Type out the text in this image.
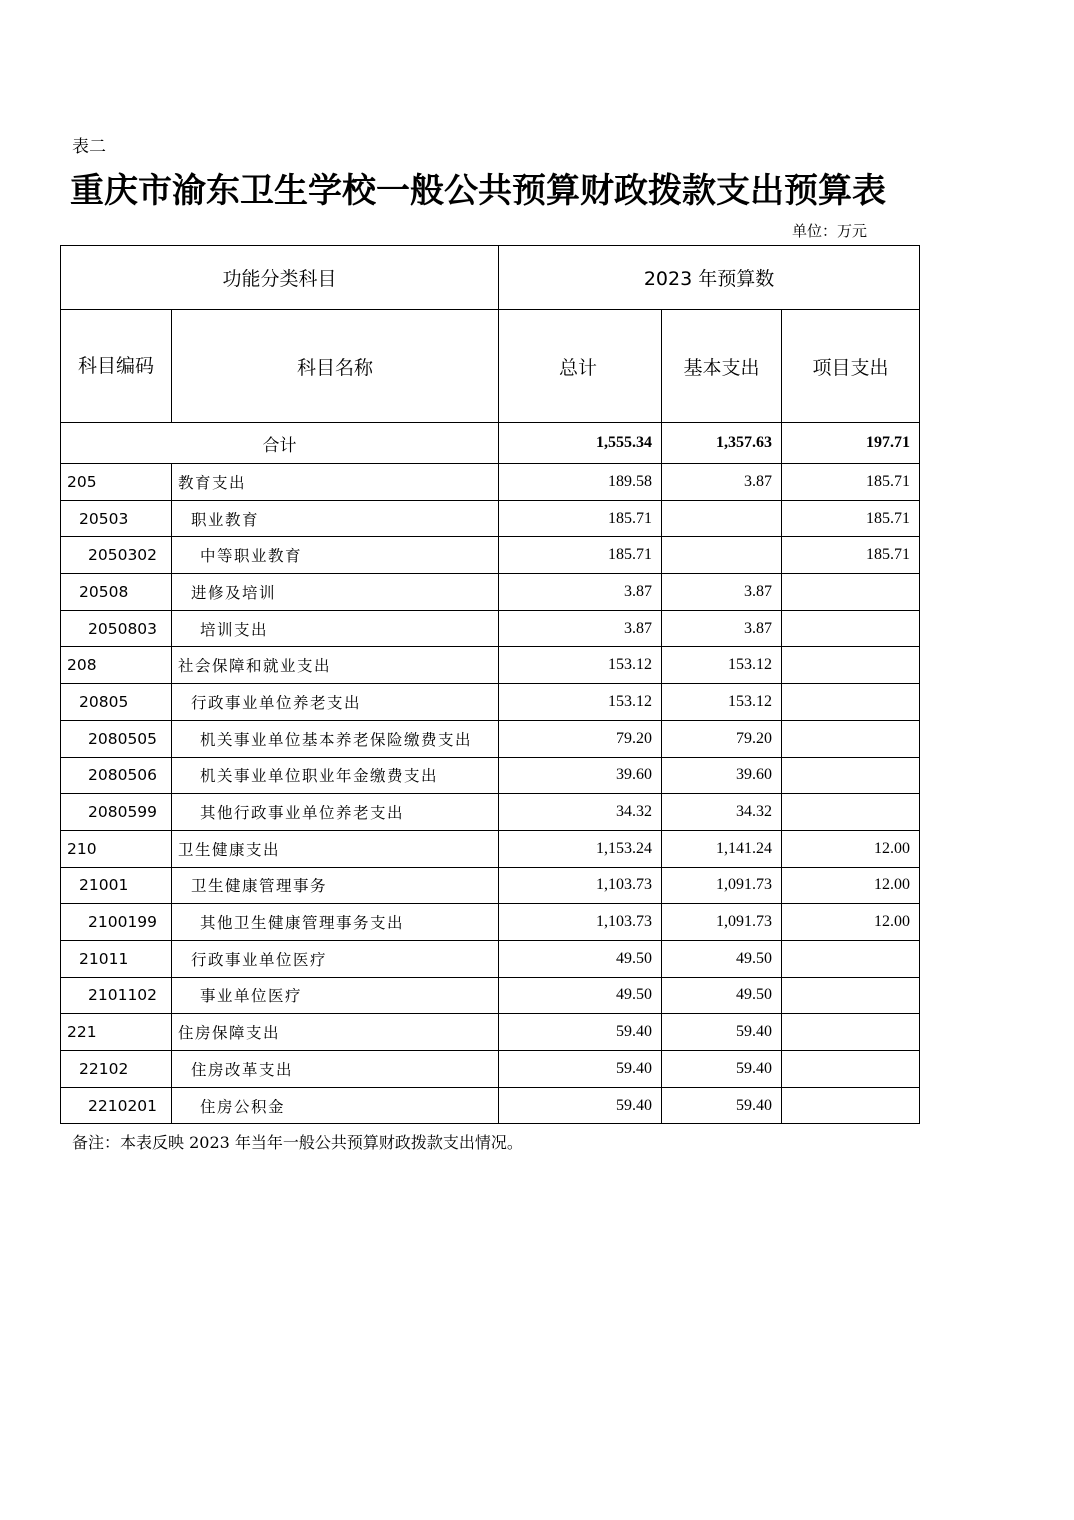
表二
重庆市渝东卫生学校一般公共预算财政拨款支出预算表
单位：万元
功能分类科目		2023 年预算数		
科目编码	科目名称	总计	基本支出	项目支出
合计		1,555.34	1,357.63	197.71
205	教育支出	189.58	3.87	185.71
20503	职业教育	185.71		185.71
2050302	中等职业教育	185.71		185.71
20508	进修及培训	3.87	3.87	
2050803	培训支出	3.87	3.87	
208	社会保障和就业支出	153.12	153.12	
20805	行政事业单位养老支出	153.12	153.12	
2080505	机关事业单位基本养老保险缴费支出	79.20	79.20	
2080506	机关事业单位职业年金缴费支出	39.60	39.60	
2080599	其他行政事业单位养老支出	34.32	34.32	
210	卫生健康支出	1,153.24	1,141.24	12.00
21001	卫生健康管理事务	1,103.73	1,091.73	12.00
2100199	其他卫生健康管理事务支出	1,103.73	1,091.73	12.00
21011	行政事业单位医疗	49.50	49.50	
2101102	事业单位医疗	49.50	49.50	
221	住房保障支出	59.40	59.40	
22102	住房改革支出	59.40	59.40	
2210201	住房公积金	59.40	59.40	
备注：本表反映 2023 年当年一般公共预算财政拨款支出情况。
